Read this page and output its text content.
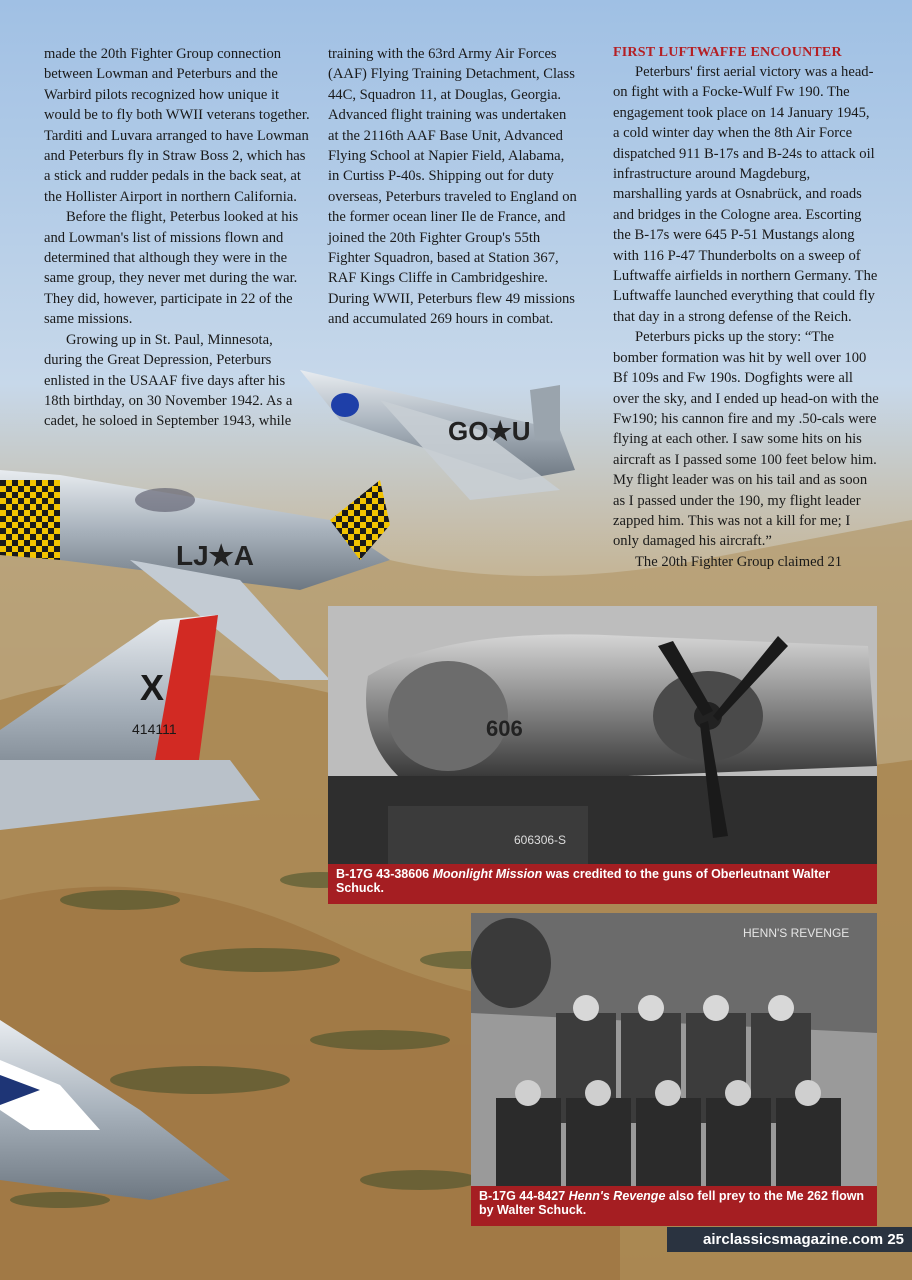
GO★U
LJ★A
X
414111

made the 20th Fighter Group connection between Lowman and Peterburs and the Warbird pilots recognized how unique it would be to fly both WWII veterans together. Tarditi and Luvara arranged to have Lowman and Peterburs fly in Straw Boss 2, which has a stick and rudder pedals in the back seat, at the Hollister Airport in northern California.

Before the flight, Peterbus looked at his and Lowman's list of missions flown and determined that although they were in the same group, they never met during the war. They did, however, participate in 22 of the same missions.

Growing up in St. Paul, Minnesota, during the Great Depression, Peterburs enlisted in the USAAF five days after his 18th birthday, on 30 November 1942. As a cadet, he soloed in September 1943, while

training with the 63rd Army Air Forces (AAF) Flying Training Detachment, Class 44C, Squadron 11, at Douglas, Georgia. Advanced flight training was undertaken at the 2116th AAF Base Unit, Advanced Flying School at Napier Field, Alabama, in Curtiss P-40s. Shipping out for duty overseas, Peterburs traveled to England on the former ocean liner Ile de France, and joined the 20th Fighter Group's 55th Fighter Squadron, based at Station 367, RAF Kings Cliffe in Cambridgeshire. During WWII, Peterburs flew 49 missions and accumulated 269 hours in combat.

FIRST LUFTWAFFE ENCOUNTER

Peterburs' first aerial victory was a head-on fight with a Focke-Wulf Fw 190. The engagement took place on 14 January 1945, a cold winter day when the 8th Air Force dispatched 911 B-17s and B-24s to attack oil infrastructure around Magdeburg, marshalling yards at Osnabrück, and roads and bridges in the Cologne area. Escorting the B-17s were 645 P-51 Mustangs along with 116 P-47 Thunderbolts on a sweep of Luftwaffe airfields in northern Germany. The Luftwaffe launched everything that could fly that day in a strong defense of the Reich.

Peterburs picks up the story: “The bomber formation was hit by well over 100 Bf 109s and Fw 190s. Dogfights were all over the sky, and I ended up head-on with the Fw190; his cannon fire and my .50-cals were flying at each other. I saw some hits on his aircraft as I passed some 100 feet below him. My flight leader was on his tail and as soon as I passed under the 190, my flight leader zapped him. This was not a kill for me; I only damaged his aircraft.”

The 20th Fighter Group claimed 21

606
606306-S
B-17G 43-38606 Moonlight Mission was credited to the guns of Oberleutnant Walter Schuck.
HENN'S REVENGE
B-17G 44-8427 Henn's Revenge also fell prey to the Me 262 flown by Walter Schuck.
airclassicsmagazine.com 25
